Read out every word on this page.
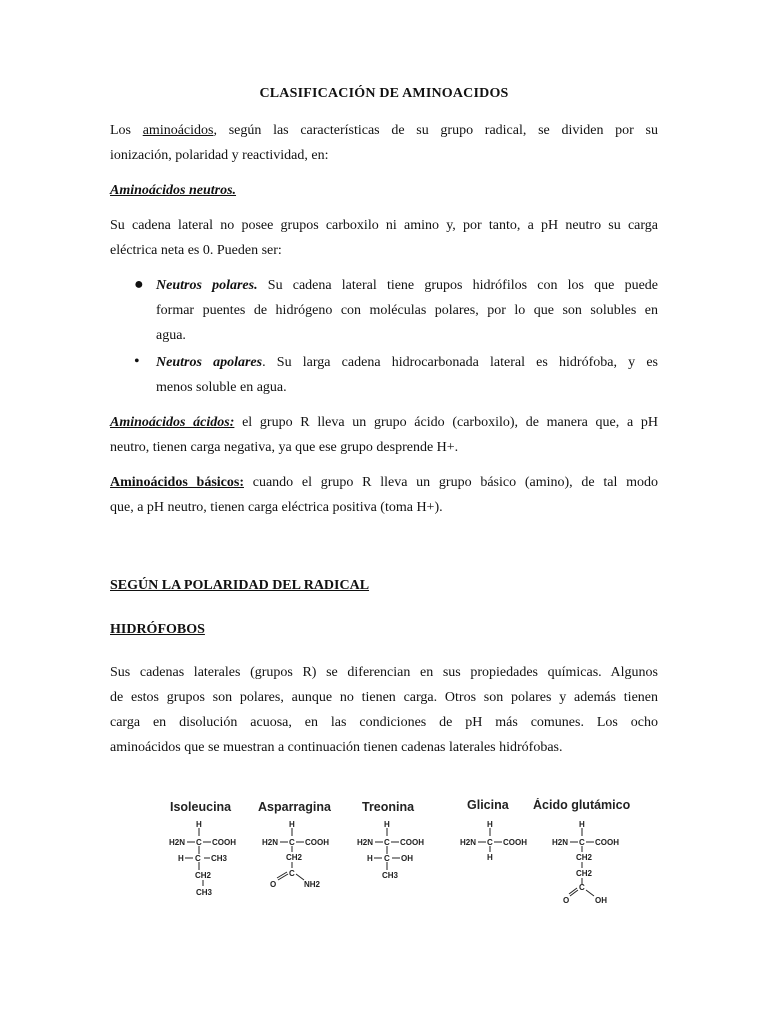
CLASIFICACIÓN DE AMINOACIDOS
Los aminoácidos, según las características de su grupo radical, se dividen por su
ionización, polaridad y reactividad, en:
Aminoácidos neutros.
Su cadena lateral no posee grupos carboxilo ni amino y, por tanto, a pH neutro su carga
eléctrica neta es 0. Pueden ser:
● Neutros polares. Su cadena lateral tiene grupos hidrófilos con los que puede
formar puentes de hidrógeno con moléculas polares, por lo que son solubles en
agua.
• Neutros apolares. Su larga cadena hidrocarbonada lateral es hidrófoba, y es
menos soluble en agua.
Aminoácidos ácidos: el grupo R lleva un grupo ácido (carboxilo), de manera que, a pH
neutro, tienen carga negativa, ya que ese grupo desprende H+.
Aminoácidos básicos: cuando el grupo R lleva un grupo básico (amino), de tal modo
que, a pH neutro, tienen carga eléctrica positiva (toma H+).
SEGÚN LA POLARIDAD DEL RADICAL
HIDRÓFOBOS
Sus cadenas laterales (grupos R) se diferencian en sus propiedades químicas. Algunos
de estos grupos son polares, aunque no tienen carga. Otros son polares y además tienen
carga en disolución acuosa, en las condiciones de pH más comunes. Los ocho
aminoácidos que se muestran a continuación tienen cadenas laterales hidrófobas.
Isoleucina Asparragina Treonina	Glicina Ácido glutámico
H
H2N C COOH
H C CH3
CH2
CH3
H
H2N C COOH
CH2
C
O	NH2
H
H2N C COOH
H C OH
CH3
H
H2N C COOH
H
H
H2N C COOH
CH2
CH2
C
O	OH
